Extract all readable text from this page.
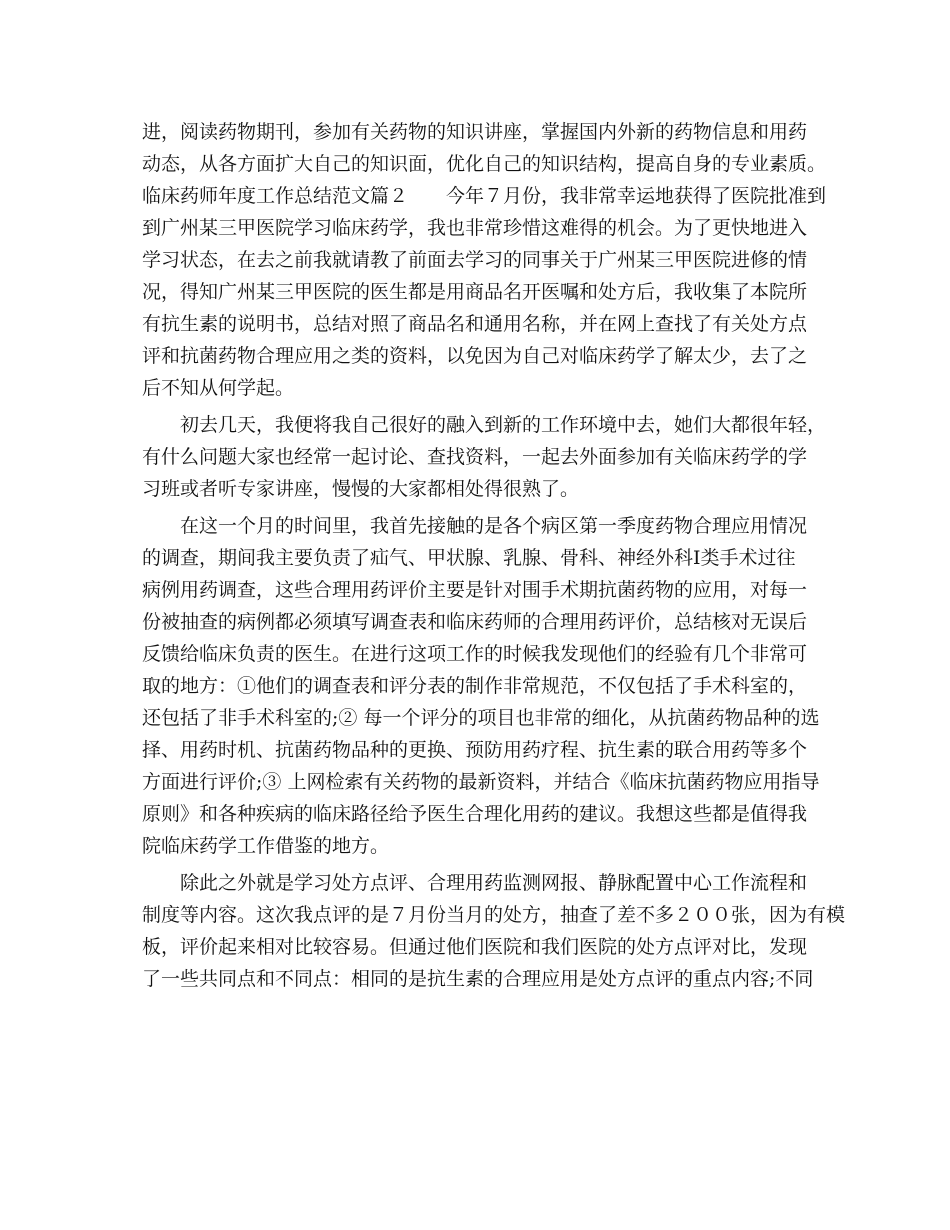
进，阅读药物期刊，参加有关药物的知识讲座，掌握国内外新的药物信息和用药
动态，从各方面扩大自己的知识面，优化自己的知识结构，提高自身的专业素质。
临床药师年度工作总结范文篇２　　今年７月份，我非常幸运地获得了医院批准到
到广州某三甲医院学习临床药学，我也非常珍惜这难得的机会。为了更快地进入
学习状态，在去之前我就请教了前面去学习的同事关于广州某三甲医院进修的情
况，得知广州某三甲医院的医生都是用商品名开医嘱和处方后，我收集了本院所
有抗生素的说明书，总结对照了商品名和通用名称，并在网上查找了有关处方点
评和抗菌药物合理应用之类的资料，以免因为自己对临床药学了解太少，去了之
后不知从何学起。
　　初去几天，我便将我自己很好的融入到新的工作环境中去，她们大都很年轻，
有什么问题大家也经常一起讨论、查找资料，一起去外面参加有关临床药学的学
习班或者听专家讲座，慢慢的大家都相处得很熟了。
　　在这一个月的时间里，我首先接触的是各个病区第一季度药物合理应用情况
的调查，期间我主要负责了疝气、甲状腺、乳腺、骨科、神经外科Ⅰ类手术过往
病例用药调查，这些合理用药评价主要是针对围手术期抗菌药物的应用，对每一
份被抽查的病例都必须填写调查表和临床药师的合理用药评价，总结核对无误后
反馈给临床负责的医生。在进行这项工作的时候我发现他们的经验有几个非常可
取的地方：①他们的调查表和评分表的制作非常规范，不仅包括了手术科室的，
还包括了非手术科室的;② 每一个评分的项目也非常的细化，从抗菌药物品种的选
择、用药时机、抗菌药物品种的更换、预防用药疗程、抗生素的联合用药等多个
方面进行评价;③ 上网检索有关药物的最新资料，并结合《临床抗菌药物应用指导
原则》和各种疾病的临床路径给予医生合理化用药的建议。我想这些都是值得我
院临床药学工作借鉴的地方。
　　除此之外就是学习处方点评、合理用药监测网报、静脉配置中心工作流程和
制度等内容。这次我点评的是７月份当月的处方，抽查了差不多２００张，因为有模
板，评价起来相对比较容易。但通过他们医院和我们医院的处方点评对比，发现
了一些共同点和不同点：相同的是抗生素的合理应用是处方点评的重点内容;不同
